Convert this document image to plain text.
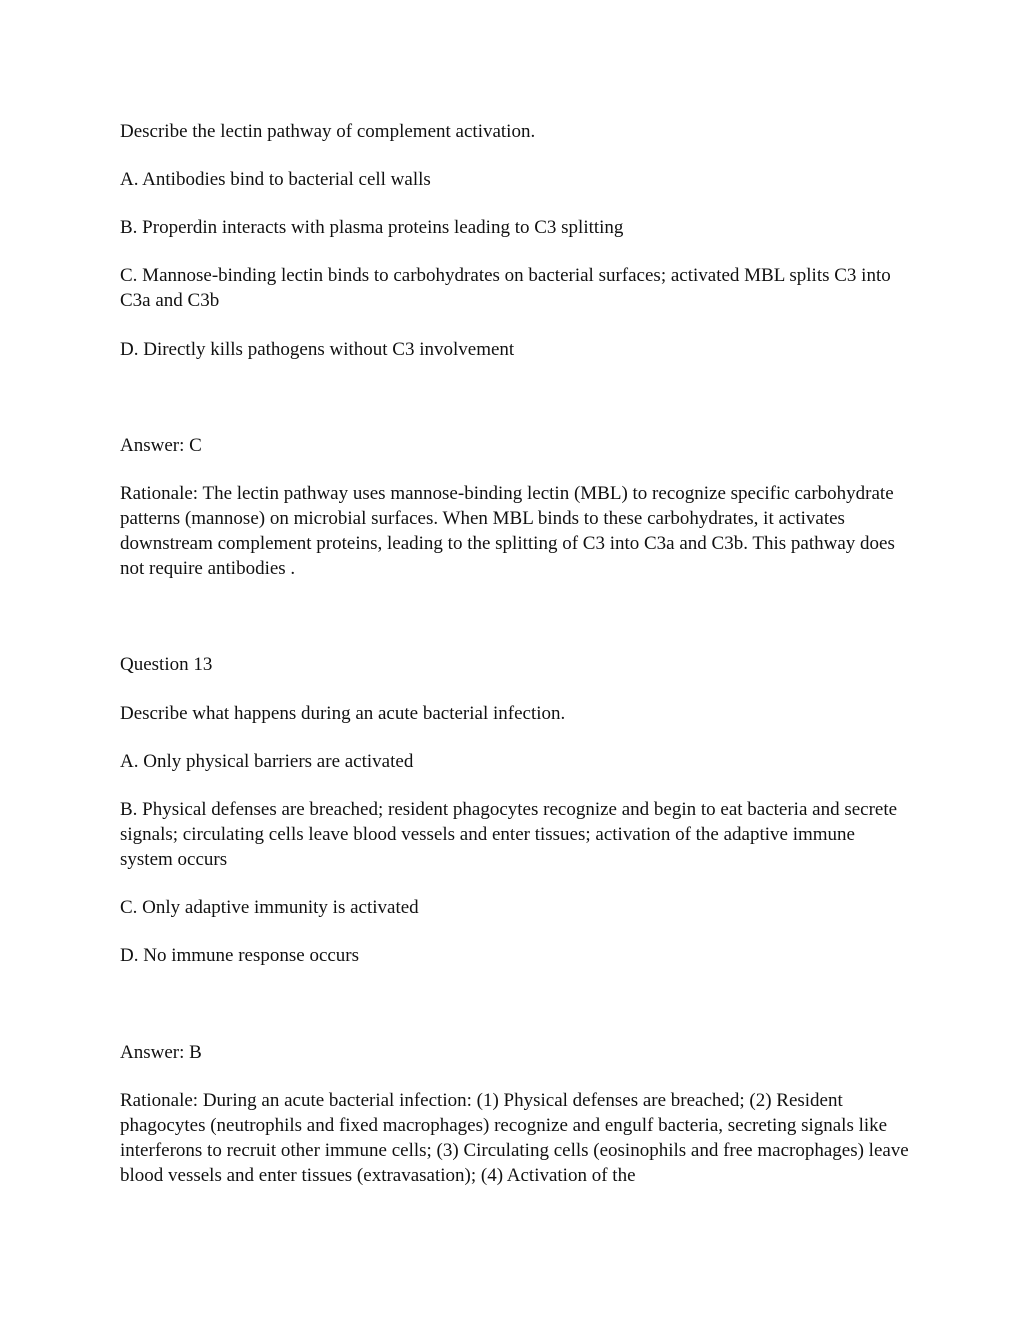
Describe the lectin pathway of complement activation.

A. Antibodies bind to bacterial cell walls

B. Properdin interacts with plasma proteins leading to C3 splitting

C. Mannose-binding lectin binds to carbohydrates on bacterial surfaces; activated MBL splits C3 into C3a and C3b

D. Directly kills pathogens without C3 involvement

Answer: C

Rationale: The lectin pathway uses mannose-binding lectin (MBL) to recognize specific carbohydrate patterns (mannose) on microbial surfaces. When MBL binds to these carbohydrates, it activates downstream complement proteins, leading to the splitting of C3 into C3a and C3b. This pathway does not require antibodies .

Question 13

Describe what happens during an acute bacterial infection.

A. Only physical barriers are activated

B. Physical defenses are breached; resident phagocytes recognize and begin to eat bacteria and secrete signals; circulating cells leave blood vessels and enter tissues; activation of the adaptive immune system occurs

C. Only adaptive immunity is activated

D. No immune response occurs

Answer: B

Rationale: During an acute bacterial infection: (1) Physical defenses are breached; (2) Resident phagocytes (neutrophils and fixed macrophages) recognize and engulf bacteria, secreting signals like interferons to recruit other immune cells; (3) Circulating cells (eosinophils and free macrophages) leave blood vessels and enter tissues (extravasation); (4) Activation of the
